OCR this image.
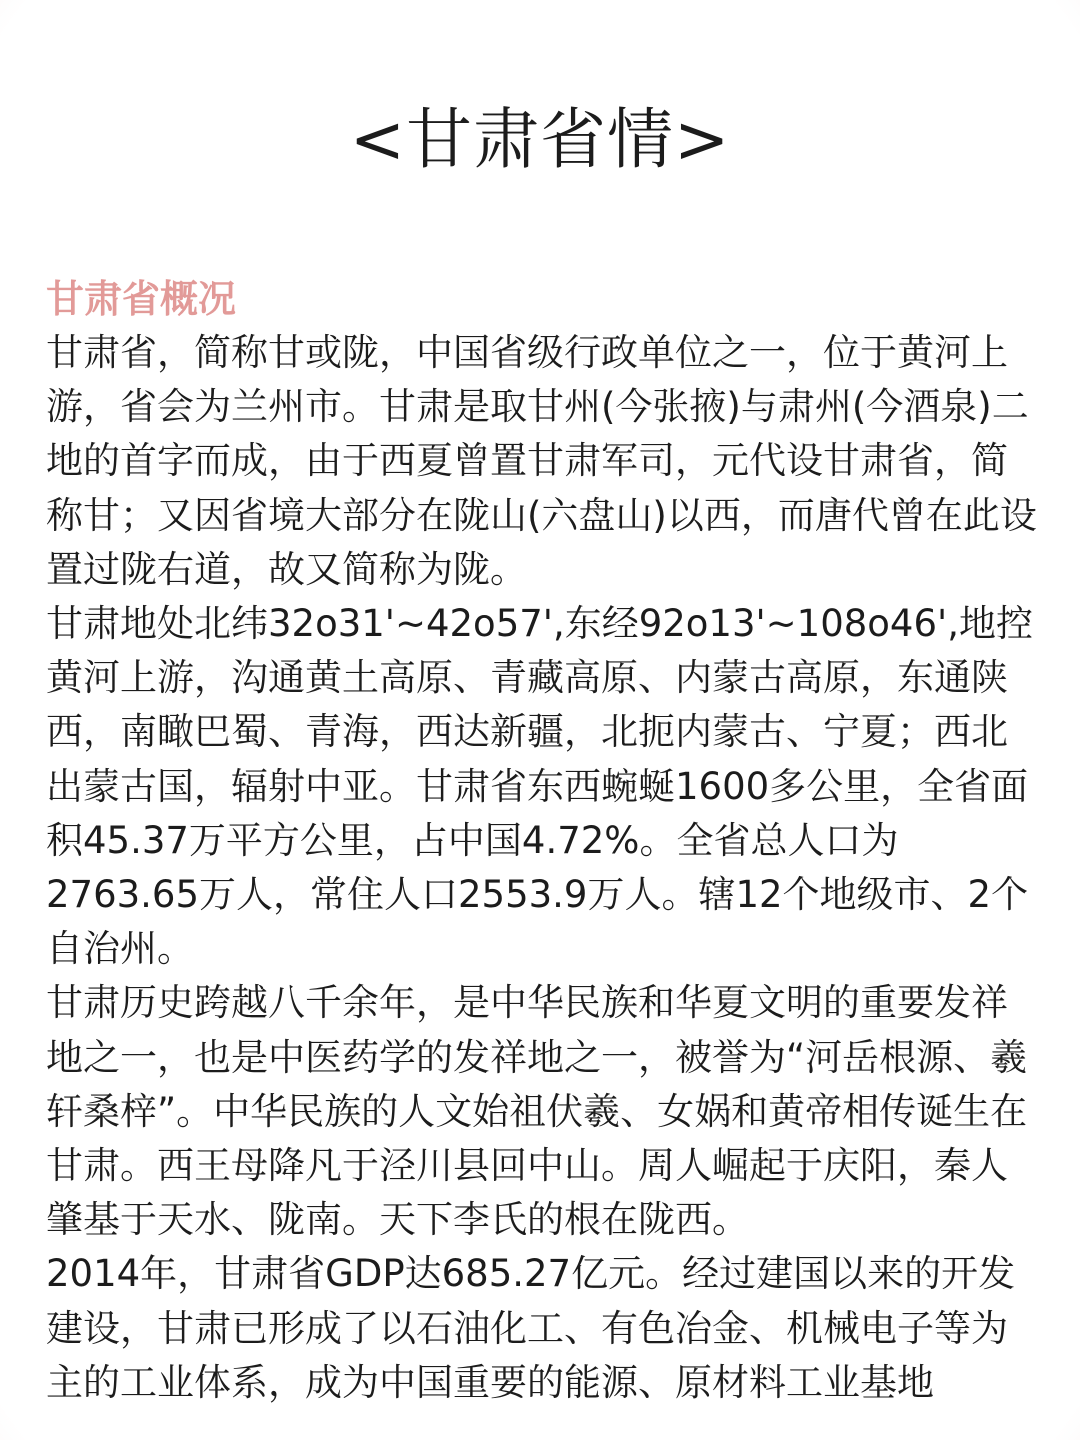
<甘肃省情>
甘肃省概况

甘肃省，简称甘或陇，中国省级行政单位之一，位于黄河上游，省会为兰州市。甘肃是取甘州(今张掖)与肃州(今酒泉)二地的首字而成，由于西夏曾置甘肃军司，元代设甘肃省，简称甘；又因省境大部分在陇山(六盘山)以西，而唐代曾在此设置过陇右道，故又简称为陇。

甘肃地处北纬32o31'~42o57',东经92o13'~108o46',地控黄河上游，沟通黄土高原、青藏高原、内蒙古高原，东通陕西，南瞰巴蜀、青海，西达新疆，北扼内蒙古、宁夏；西北出蒙古国，辐射中亚。甘肃省东西蜿蜒1600多公里，全省面积45.37万平方公里，占中国4.72%。全省总人口为2763.65万人，常住人口2553.9万人。辖12个地级市、2个自治州。

甘肃历史跨越八千余年，是中华民族和华夏文明的重要发祥地之一，也是中医药学的发祥地之一，被誉为“河岳根源、羲轩桑梓”。中华民族的人文始祖伏羲、女娲和黄帝相传诞生在甘肃。西王母降凡于泾川县回中山。周人崛起于庆阳，秦人肇基于天水、陇南。天下李氏的根在陇西。

2014年，甘肃省GDP达685.27亿元。经过建国以来的开发建设，甘肃已形成了以石油化工、有色冶金、机械电子等为主的工业体系，成为中国重要的能源、原材料工业基地
